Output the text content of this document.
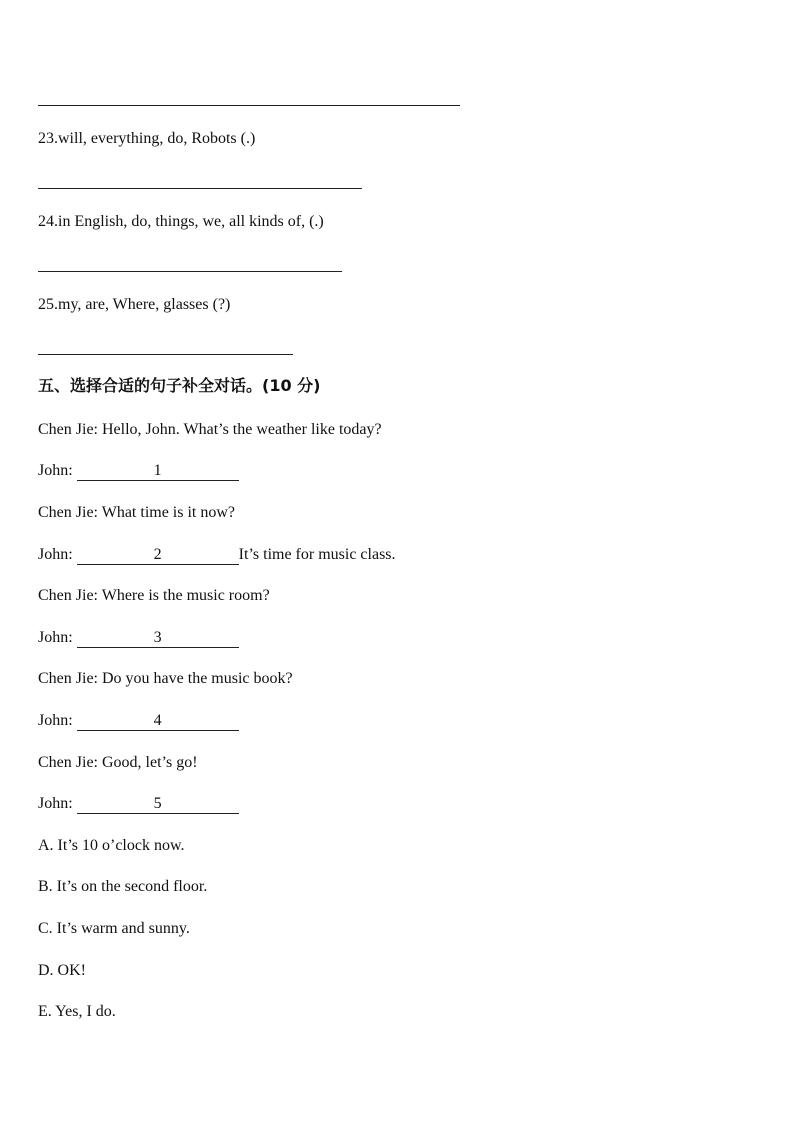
23.will, everything, do, Robots (.)
24.in English, do, things, we, all kinds of, (.)
25.my, are, Where, glasses (?)
五、选择合适的句子补全对话。(10 分)
Chen Jie: Hello, John. What’s the weather like today?
John:	1
Chen Jie: What time is it now?
John:	2	It’s time for music class.
Chen Jie: Where is the music room?
John:	3
Chen Jie: Do you have the music book?
John:	4
Chen Jie: Good, let’s go!
John:	5
A. It’s 10 o’clock now.
B. It’s on the second floor.
C. It’s warm and sunny.
D. OK!
E. Yes, I do.
